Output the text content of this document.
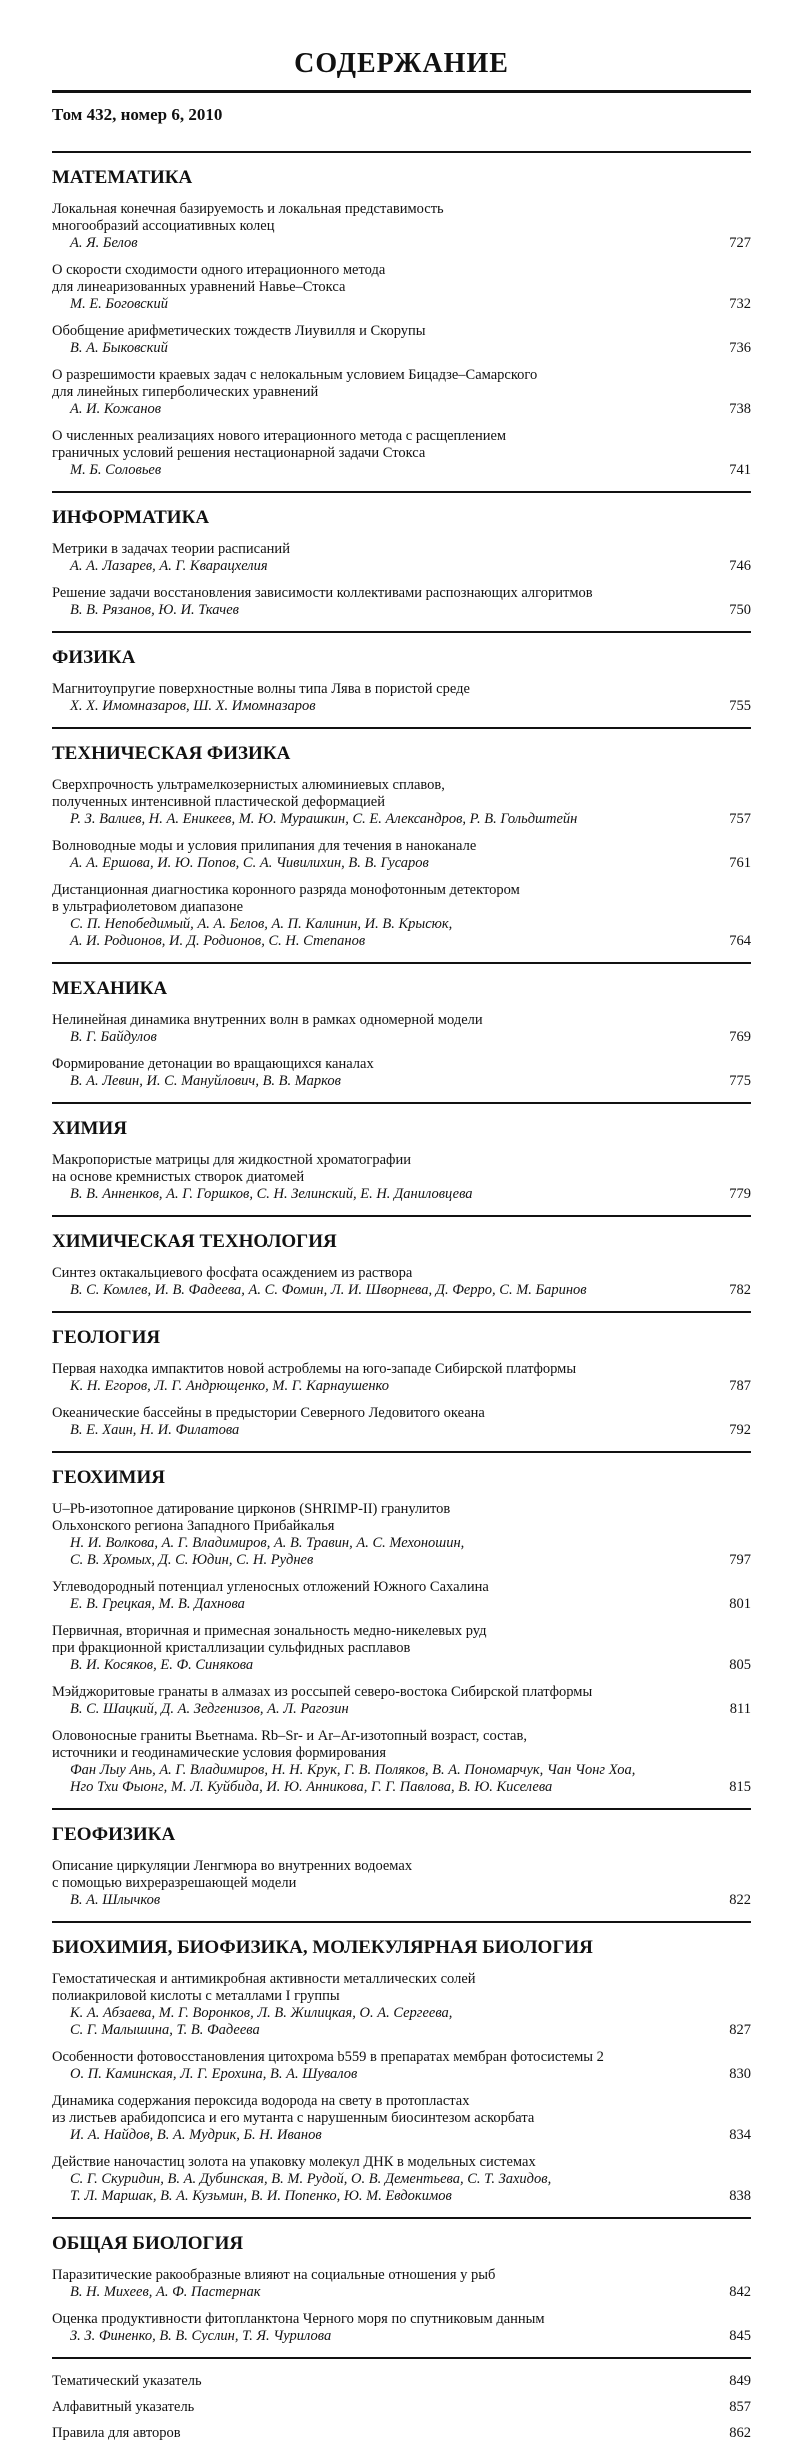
СОДЕРЖАНИЕ
Том 432, номер 6, 2010
МАТЕМАТИКА
Локальная конечная базируемость и локальная представимость
многообразий ассоциативных колец
А. Я. Белов	727
О скорости сходимости одного итерационного метода
для линеаризованных уравнений Навье–Стокса
М. Е. Боговский	732
Обобщение арифметических тождеств Лиувилля и Скорупы
В. А. Быковский	736
О разрешимости краевых задач с нелокальным условием Бицадзе–Самарского
для линейных гиперболических уравнений
А. И. Кожанов	738
О численных реализациях нового итерационного метода с расщеплением
граничных условий решения нестационарной задачи Стокса
М. Б. Соловьев	741
ИНФОРМАТИКА
Метрики в задачах теории расписаний
А. А. Лазарев, А. Г. Кварацхелия	746
Решение задачи восстановления зависимости коллективами распознающих алгоритмов
В. В. Рязанов, Ю. И. Ткачев	750
ФИЗИКА
Магнитоупругие поверхностные волны типа Лява в пористой среде
Х. Х. Имомназаров, Ш. Х. Имомназаров	755
ТЕХНИЧЕСКАЯ ФИЗИКА
Сверхпрочность ультрамелкозернистых алюминиевых сплавов,
полученных интенсивной пластической деформацией
Р. З. Валиев, Н. А. Еникеев, М. Ю. Мурашкин, С. Е. Александров, Р. В. Гольдштейн	757
Волноводные моды и условия прилипания для течения в наноканале
А. А. Ершова, И. Ю. Попов, С. А. Чивилихин, В. В. Гусаров	761
Дистанционная диагностика коронного разряда монофотонным детектором
в ультрафиолетовом диапазоне
С. П. Непобедимый, А. А. Белов, А. П. Калинин, И. В. Крысюк,
А. И. Родионов, И. Д. Родионов, С. Н. Степанов	764
МЕХАНИКА
Нелинейная динамика внутренних волн в рамках одномерной модели
В. Г. Байдулов	769
Формирование детонации во вращающихся каналах
В. А. Левин, И. С. Мануйлович, В. В. Марков	775
ХИМИЯ
Макропористые матрицы для жидкостной хроматографии
на основе кремнистых створок диатомей
В. В. Анненков, А. Г. Горшков, С. Н. Зелинский, Е. Н. Даниловцева	779
ХИМИЧЕСКАЯ ТЕХНОЛОГИЯ
Синтез октакальциевого фосфата осаждением из раствора
В. С. Комлев, И. В. Фадеева, А. С. Фомин, Л. И. Шворнева, Д. Ферро, С. М. Баринов	782
ГЕОЛОГИЯ
Первая находка импактитов новой астроблемы на юго-западе Сибирской платформы
К. Н. Егоров, Л. Г. Андрющенко, М. Г. Карнаушенко	787
Океанические бассейны в предыстории Северного Ледовитого океана
В. Е. Хаин, Н. И. Филатова	792
ГЕОХИМИЯ
U–Pb-изотопное датирование цирконов (SHRIMP-II) гранулитов
Ольхонского региона Западного Прибайкалья
Н. И. Волкова, А. Г. Владимиров, А. В. Травин, А. С. Мехоношин,
С. В. Хромых, Д. С. Юдин, С. Н. Руднев	797
Углеводородный потенциал угленосных отложений Южного Сахалина
Е. В. Грецкая, М. В. Дахнова	801
Первичная, вторичная и примесная зональность медно-никелевых руд
при фракционной кристаллизации сульфидных расплавов
В. И. Косяков, Е. Ф. Синякова	805
Мэйджоритовые гранаты в алмазах из россыпей северо-востока Сибирской платформы
В. С. Шацкий, Д. А. Зедгенизов, А. Л. Рагозин	811
Оловоносные граниты Вьетнама. Rb–Sr- и Ar–Ar-изотопный возраст, состав,
источники и геодинамические условия формирования
Фан Лыу Ань, А. Г. Владимиров, Н. Н. Крук, Г. В. Поляков, В. А. Пономарчук, Чан Чонг Хоа,
Нго Тхи Фыонг, М. Л. Куйбида, И. Ю. Анникова, Г. Г. Павлова, В. Ю. Киселева	815
ГЕОФИЗИКА
Описание циркуляции Ленгмюра во внутренних водоемах
с помощью вихреразрешающей модели
В. А. Шлычков	822
БИОХИМИЯ, БИОФИЗИКА, МОЛЕКУЛЯРНАЯ БИОЛОГИЯ
Гемостатическая и антимикробная активности металлических солей
полиакриловой кислоты с металлами I группы
К. А. Абзаева, М. Г. Воронков, Л. В. Жилицкая, О. А. Сергеева,
С. Г. Малышина, Т. В. Фадеева	827
Особенности фотовосстановления цитохрома b559 в препаратах мембран фотосистемы 2
О. П. Каминская, Л. Г. Ерохина, В. А. Шувалов	830
Динамика содержания пероксида водорода на свету в протопластах
из листьев арабидопсиса и его мутанта с нарушенным биосинтезом аскорбата
И. А. Найдов, В. А. Мудрик, Б. Н. Иванов	834
Действие наночастиц золота на упаковку молекул ДНК в модельных системах
С. Г. Скуридин, В. А. Дубинская, В. М. Рудой, О. В. Дементьева, С. Т. Захидов,
Т. Л. Маршак, В. А. Кузьмин, В. И. Попенко, Ю. М. Евдокимов	838
ОБЩАЯ БИОЛОГИЯ
Паразитические ракообразные влияют на социальные отношения у рыб
В. Н. Михеев, А. Ф. Пастернак	842
Оценка продуктивности фитопланктона Черного моря по спутниковым данным
З. З. Финенко, В. В. Суслин, Т. Я. Чурилова	845
Тематический указатель	849
Алфавитный указатель	857
Правила для авторов	862
